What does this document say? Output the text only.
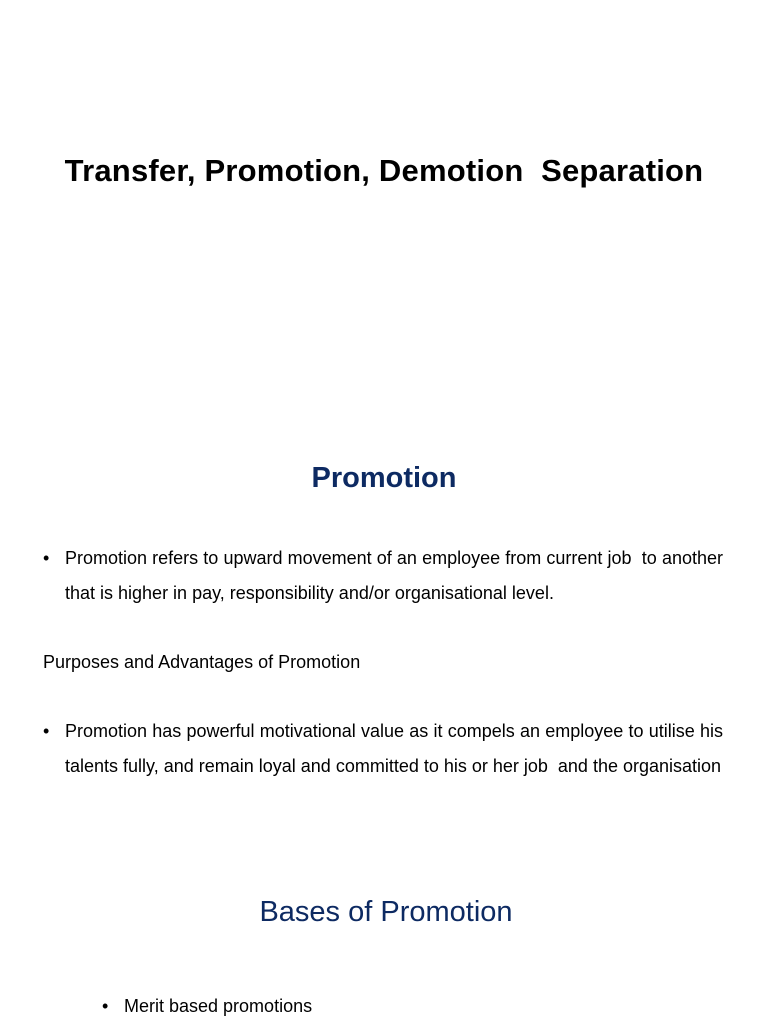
Transfer, Promotion, Demotion  Separation
Promotion
• Promotion refers to upward movement of an employee from current job  to another that is higher in pay, responsibility and/or organisational level.
Purposes and Advantages of Promotion
• Promotion has powerful motivational value as it compels an employee to utilise his talents fully, and remain loyal and committed to his or her job  and the organisation
Bases of Promotion
• Merit based promotions
